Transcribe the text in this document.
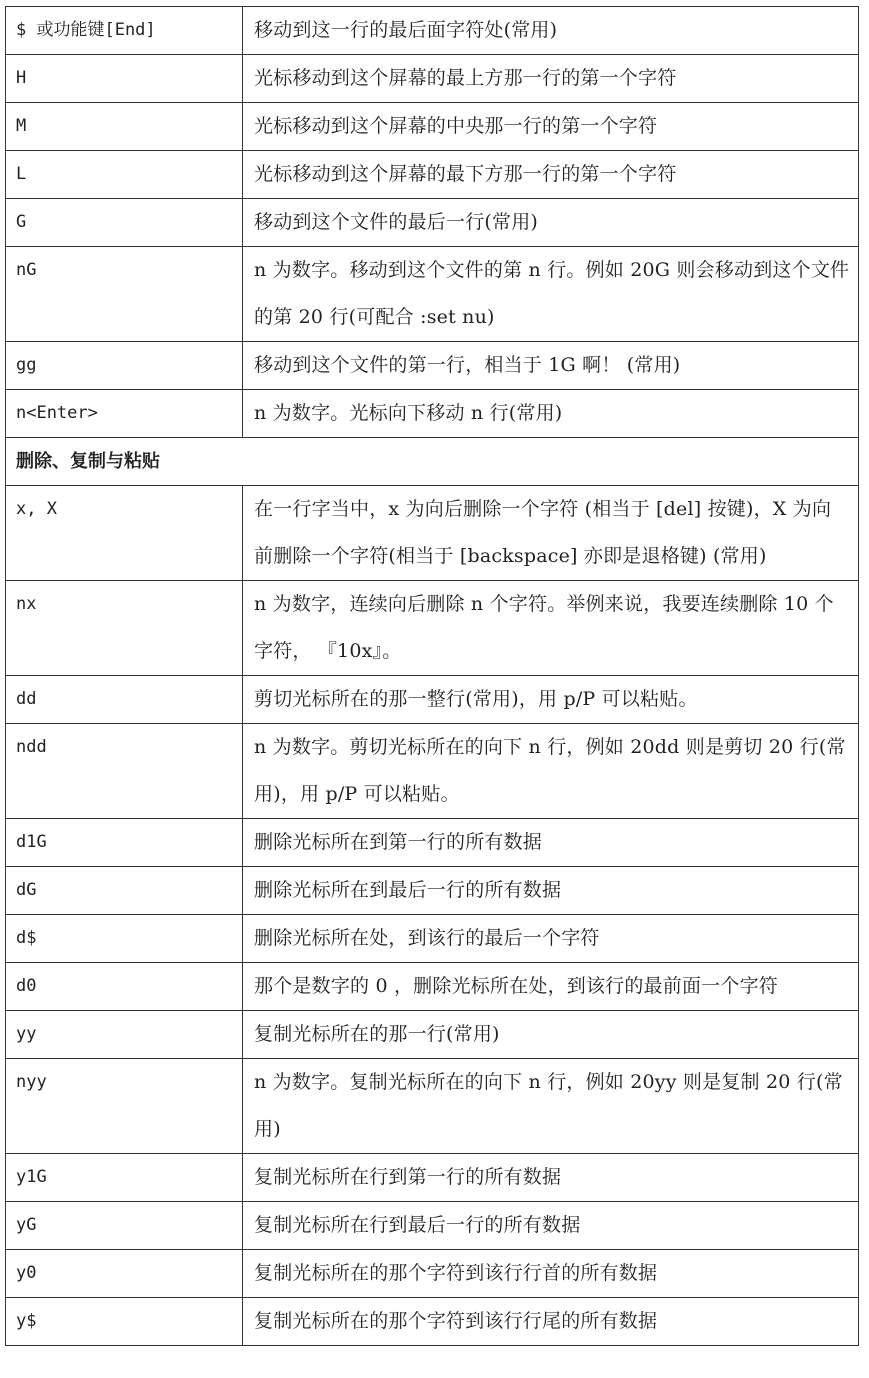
$ 或功能键[End]	移动到这一行的最后面字符处(常用)
H	光标移动到这个屏幕的最上方那一行的第一个字符
M	光标移动到这个屏幕的中央那一行的第一个字符
L	光标移动到这个屏幕的最下方那一行的第一个字符
G	移动到这个文件的最后一行(常用)
nG	n 为数字。移动到这个文件的第 n 行。例如 20G 则会移动到这个文件的第 20 行(可配合 :set nu)
gg	移动到这个文件的第一行，相当于 1G 啊！ (常用)
n<Enter>	n 为数字。光标向下移动 n 行(常用)
删除、复制与粘贴	
x, X	在一行字当中，x 为向后删除一个字符 (相当于 [del] 按键)，X 为向前删除一个字符(相当于 [backspace] 亦即是退格键) (常用)
nx	n 为数字，连续向后删除 n 个字符。举例来说，我要连续删除 10 个字符， 『10x』。
dd	剪切光标所在的那一整行(常用)，用 p/P 可以粘贴。
ndd	n 为数字。剪切光标所在的向下 n 行，例如 20dd 则是剪切 20 行(常用)，用 p/P 可以粘贴。
d1G	删除光标所在到第一行的所有数据
dG	删除光标所在到最后一行的所有数据
d$	删除光标所在处，到该行的最后一个字符
d0	那个是数字的 0 ，删除光标所在处，到该行的最前面一个字符
yy	复制光标所在的那一行(常用)
nyy	n 为数字。复制光标所在的向下 n 行，例如 20yy 则是复制 20 行(常用)
y1G	复制光标所在行到第一行的所有数据
yG	复制光标所在行到最后一行的所有数据
y0	复制光标所在的那个字符到该行行首的所有数据
y$	复制光标所在的那个字符到该行行尾的所有数据
